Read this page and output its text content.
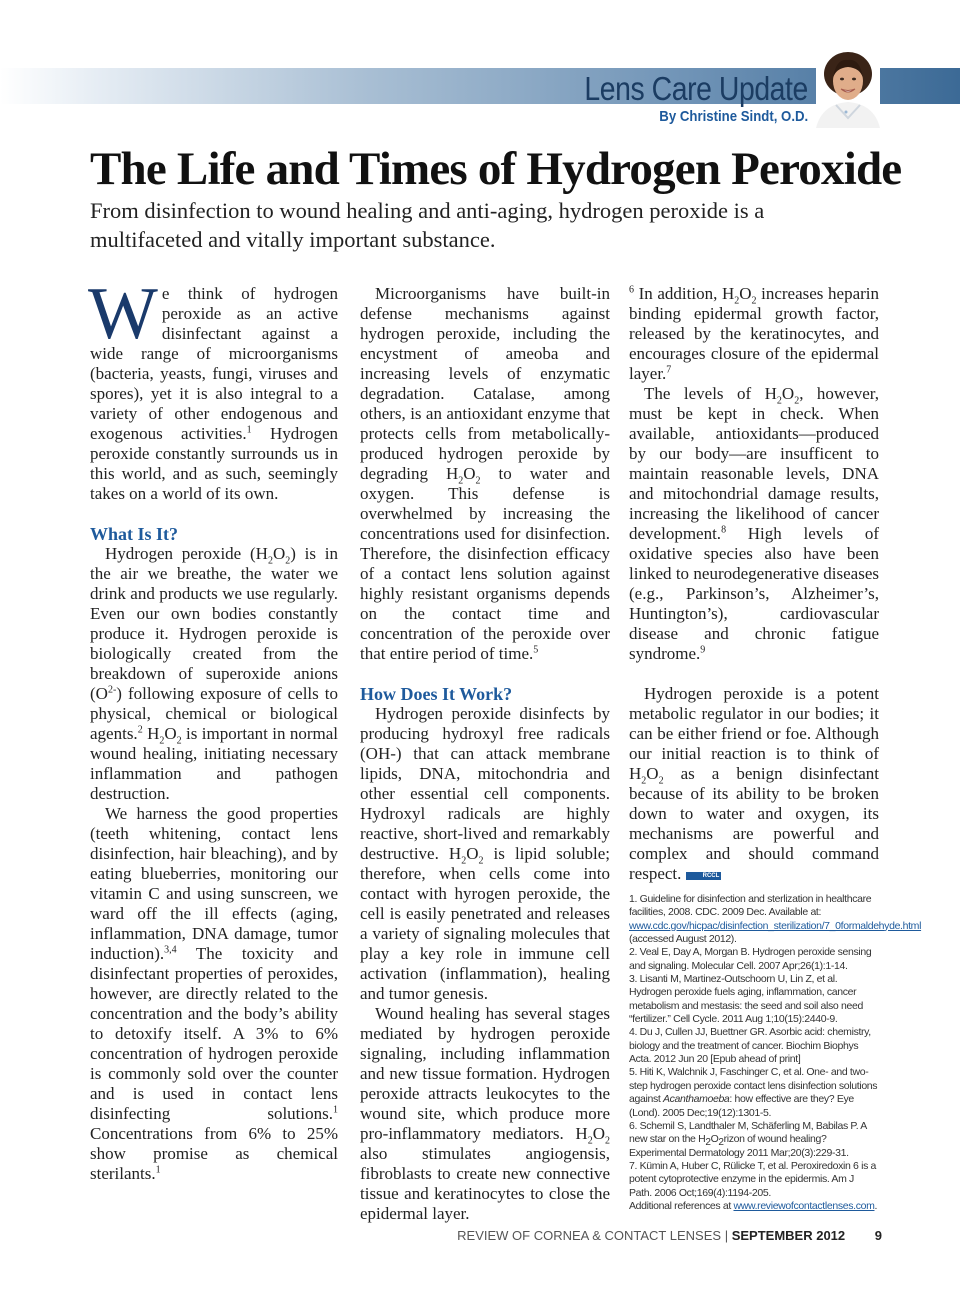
Lens Care Update
By Christine Sindt, O.D.
The Life and Times of Hydrogen Peroxide

From disinfection to wound healing and anti-aging, hydrogen peroxide is a multifaceted and vitally important substance.

We think of hydrogen peroxide as an active disinfectant against a wide range of microorganisms (bacteria, yeasts, fungi, viruses and spores), yet it is also integral to a variety of other endogenous and exogenous activities.$^1$ Hydrogen peroxide constantly surrounds us in this world, and as such, seemingly takes on a world of its own.

What Is It?

Hydrogen peroxide $(H_2O_2)$ is in the air we breathe, the water we drink and products we use regularly. Even our own bodies constantly produce it. Hydrogen peroxide is biologically created from the breakdown of superoxide anions $(O^{2-})$ following exposure of cells to physical, chemical or biological agents.$^2$ $H_2O_2$ is important in normal wound healing, initiating necessary inflammation and pathogen destruction.

We harness the good properties (teeth whitening, contact lens disinfection, hair bleaching), and by eating blueberries, monitoring our vitamin C and using sunscreen, we ward off the ill effects (aging, inflammation, DNA damage, tumor induction).$^{3,4}$ The toxicity and disinfectant properties of peroxides, however, are directly related to the concentration and the body’s ability to detoxify itself. A 3% to 6% concentration of hydrogen peroxide is commonly sold over the counter and is used in contact lens disinfecting solutions.$^1$ Concentrations from 6% to 25% show promise as chemical sterilants.$^1$

Microorganisms have built-in defense mechanisms against hydrogen peroxide, including the encystment of ameoba and increasing levels of enzymatic degradation. Catalase, among others, is an antioxidant enzyme that protects cells from metabolically-produced hydrogen peroxide by degrading $H_2O_2$ to water and oxygen. This defense is overwhelmed by increasing the concentrations used for disinfection. Therefore, the disinfection efficacy of a contact lens solution against highly resistant organisms depends on the contact time and concentration of the peroxide over that entire period of time.$^5$

How Does It Work?

Hydrogen peroxide disinfects by producing hydroxyl free radicals (OH-) that can attack membrane lipids, DNA, mitochondria and other essential cell components. Hydroxyl radicals are highly reactive, short-lived and remarkably destructive. $H_2O_2$ is lipid soluble; therefore, when cells come into contact with hyrogen peroxide, the cell is easily penetrated and releases a variety of signaling molecules that play a key role in immune cell activation (inflammation), healing and tumor genesis.

Wound healing has several stages mediated by hydrogen peroxide signaling, including inflammation and new tissue formation. Hydrogen peroxide attracts leukocytes to the wound site, which produce more pro-inflammatory mediators. $H_2O_2$ also stimulates angiogensis, fibroblasts to create new connective tissue and keratinocytes to close the epidermal layer.

$^6$ In addition, $H_2O_2$ increases heparin binding epidermal growth factor, released by the keratinocytes, and encourages closure of the epidermal layer.$^7$

The levels of $H_2O_2$, however, must be kept in check. When available, antioxidants—produced by our body—are insufficent to maintain reasonable levels, DNA and mitochondrial damage results, increasing the likelihood of cancer development.$^8$ High levels of oxidative species also have been linked to neurodegenerative diseases (e.g., Parkinson’s, Alzheimer’s, Huntington’s), cardiovascular disease and chronic fatigue syndrome.$^9$

Hydrogen peroxide is a potent metabolic regulator in our bodies; it can be either friend or foe. Although our initial reaction is to think of $H_2O_2$ as a benign disinfectant because of its ability to be broken down to water and oxygen, its mechanisms are powerful and complex and should command respect.	RCCL

1. Guideline for disinfection and sterlization in healthcare facilities, 2008. CDC. 2009 Dec. Available at: www.cdc.gov/hicpac/disinfection_sterilization/7_0formaldehyde.html (accessed August 2012).
2. Veal E, Day A, Morgan B. Hydrogen peroxide sensing and signaling. Molecular Cell. 2007 Apr;26(1):1-14.
3. Lisanti M, Martinez-Outschoorn U, Lin Z, et al. Hydrogen peroxide fuels aging, inflammation, cancer metabolism and mestasis: the seed and soil also need “fertilizer.” Cell Cycle. 2011 Aug 1;10(15):2440-9.
4. Du J, Cullen JJ, Buettner GR. Asorbic acid: chemistry, biology and the treatment of cancer. Biochim Biophys Acta. 2012 Jun 20 [Epub ahead of print]
5. Hiti K, Walchnik J, Faschinger C, et al. One- and two-step hydrogen peroxide contact lens disinfection solutions against Acanthamoeba: how effective are they? Eye (Lond). 2005 Dec;19(12):1301-5.
6. Schemil S, Landthaler M, Schäferling M, Babilas P. A new star on the $H_2O_2rizon$ of wound healing? Experimental Dermatology 2011 Mar;20(3):229-31.
7. Kümin A, Huber C, Rülicke T, et al. Peroxiredoxin 6 is a potent cytoprotective enzyme in the epidermis. Am J Path. 2006 Oct;169(4):1194-205.
Additional references at www.reviewofcontactlenses.com.
REVIEW OF CORNEA & CONTACT LENSES | SEPTEMBER 2012 9
